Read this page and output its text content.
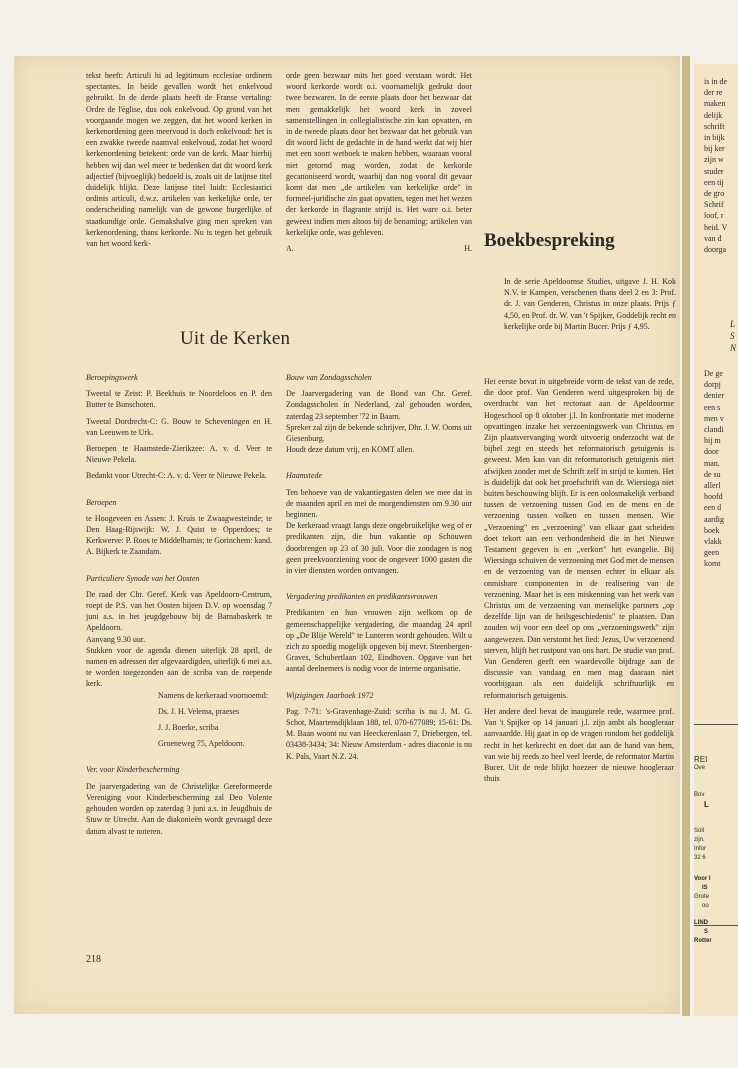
is in de

der re

maken

delijk

schrift

in bijk

bij ker

zijn w

studer

een tij

de gro

Schrif

loof, r

heid. V

van d

doorga

L
S
N

De ge

dorpj

denier

een s

men v

clandi

hij m

door

man.

de su

allerl

hoofd

een d

aardig

boek

vlakk

geen

komt

REI
Ove
Bov
L
Soll
zijn.
Infor
32 6
Voor I
IS
Grote
oo
LIND
S
Rotter

tekst heeft: Articuli hi ad legitimum ecclesiae ordinem spectantes. In beide gevallen wordt het enkelvoud gebruikt. In de derde plaats heeft de Franse vertaling: Ordre de l'église, dus ook enkelvoud. Op grond van het voorgaande mogen we zeggen, dat het woord kerken in kerkenordening geen meervoud is doch enkelvoud: het is een zwakke tweede naamval enkelvoud, zodat het woord kerkenordening betekent: orde van de kerk. Maar hierbij hebben wij dan wel meer te bedenken dat dit woord kerk adjectief (bijvoeglijk) bedoeld is, zoals uit de latijnse titel duidelijk blijkt. Deze latijnse titel luidt: Ecclesiastici ordinis articuli, d.w.z. artikelen van kerkelijke orde, ter onderscheiding namelijk van de gewone burgerlijke of staatkundige orde. Gemakshalve ging men spreken van kerkenordening, thans kerkorde. Nu is tegen het gebruik van het woord kerk-

orde geen bezwaar mits het goed verstaan wordt. Het woord kerkorde wordt o.i. voornamelijk gedrukt door twee bezwaren. In de eerste plaats door het bezwaar dat men gemakkelijk het woord kerk in zoveel samenstellingen in collegialistische zin kan opvatten, en in de tweede plaats door het bezwaar dat het gebruik van dit woord licht de gedachte in de hand werkt dat wij hier met een soort wetboek te maken hebben, waaraan vooral niet getornd mag worden, zodat de kerkorde gecanoniseerd wordt, waarbij dan nog vooral dit gevaar komt dat men „de artikelen van kerkelijke orde" in formeel-juridische zin gaat opvatten, tegen met het wezen der kerkorde in flagrante strijd is. Het ware o.i. beter geweest indien men altoos bij de benaming: artikelen van kerkelijke orde, was gebleven.

A.	H.
Uit de Kerken
Boekbespreking

Beroepingswerk

Tweetal te Zeist: P. Beekhuis te Noordeloos en P. den Butter te Bunschoten.

Tweetal Dordrecht-C: G. Bouw te Scheveningen en H. van Leeuwen te Urk.

Beroepen te Haamstede-Zierikzee: A. v. d. Veer te Nieuwe Pekela.

Bedankt voor Utrecht-C: A. v. d. Veer te Nieuwe Pekela.

Beroepen

te Hoogeveen en Assen: J. Kruis te Zwaagwesteinde; te Den Haag-Rijswijk: W. J. Quist te Opperdoes; te Kerkwerve: P. Roos te Middelharnis; te Gorinchem: kand. A. Bijkerk te Zaandam.

Particuliere Synode van het Oosten

De raad der Chr. Geref. Kerk van Apeldoorn-Centrum, roept de P.S. van het Oosten bijeen D.V. op woensdag 7 juni a.s. in het jeugdgebouw bij de Barnabaskerk te Apeldoorn.

Aanvang 9.30 uur.

Stukken voor de agenda dienen uiterlijk 28 april, de namen en adressen der afgevaardigden, uiterlijk 6 mei a.s. te worden toegezonden aan de scriba van de roepende kerk.

Namens de kerkeraad voornoemd:

Ds. J. H. Velema, praeses

J. J. Boerke, scriba

Groeneweg 75, Apeldoorn.

Ver. voor Kinderbescherming

De jaarvergadering van de Christelijke Gereformeerde Vereniging voor Kinderbescherming zal Deo Volente gehouden worden op zaterdag 3 juni a.s. in Jeugdhuis de Stuw te Utrecht. Aan de diakonieën wordt gevraagd deze datum alvast te noteren.

Bouw van Zondagsscholen

De Jaarvergadering van de Bond van Chr. Geref. Zondagsscholen in Nederland, zal gehouden worden, zaterdag 23 september '72 in Baarn.

Spreker zal zijn de bekende schrijver, Dhr. J. W. Ooms uit Giesenburg.

Houdt deze datum vrij, en KOMT allen.

Haamstede

Ten behoeve van de vakantiegasten delen we mee dat in de maanden april en mei de morgendiensten om 9.30 uur beginnen.

De kerkeraad vraagt langs deze ongebruikelijke weg of er predikanten zijn, die hun vakantie op Schouwen doorbrengen op 23 of 30 juli. Voor die zondagen is nog geen preekvoorziening voor de ongeveer 1000 gasten die in vier diensten worden ontvangen.

Vergadering predikanten en predikantsvrouwen

Predikanten en hun vrouwen zijn welkom op de gemeenschappelijke vergadering, die maandag 24 april op „De Blije Wereld" te Lunteren wordt gehouden. Wilt u zich zo spoedig mogelijk opgeven bij mevr. Steenbergen-Graves, Schubertlaan 102, Eindhoven. Opgave van het aantal deelnemers is nodig voor de interne organisatie.

Wijzigingen Jaarboek 1972

Pag. 7-71: 's-Gravenhage-Zuid: scriba is nu J. M. G. Schot, Maartensdijklaan 188, tel. 070-677089; 15-61: Ds. M. Baan woont nu van Heeckerenlaan 7, Driebergen, tel. 03438-3434; 34: Nieuw Amsterdam - adres diaconie is nu K. Pals, Vaart N.Z. 24.

In de serie Apeldoornse Studies, uitgave J. H. Kok N.V. te Kampen, verschenen thans deel 2 en 3: Prof. dr. J. van Genderen, Christus in onze plaats. Prijs ƒ 4,50, en Prof. dr. W. van 't Spijker, Goddelijk recht en kerkelijke orde bij Martin Bucer. Prijs ƒ 4,95.

Het eerste bevat in uitgebreide vorm de tekst van de rede, die door prof. Van Genderen werd uitgesproken bij de overdracht van het rectoraat aan de Apeldoornse Hogeschool op 8 oktober j.l. In konfrontatie met moderne opvattingen inzake het verzoeningswerk van Christus en Zijn plaatsvervanging wordt uitvoerig onderzocht wat de bijbel zegt en steeds het reformatorisch getuigenis is geweest. Men kan van dit reformatorisch getuigenis niet afwijken zonder met de Schrift zelf in strijd te komen. Het is duidelijk dat ook het proefschrift van dr. Wiersinga niet buiten beschouwing blijft. Er is een onlosmakelijk verband tussen de verzoening tussen God en de mens en de verzoening tussen volken en tussen mensen. Wie „Verzoening" en „verzoening" van elkaar gaat scheiden doet tekort aan een verbondenheid die in het Nieuwe Testament gegeven is en „verkort" het evangelie. Bij Wiersinga schuiven de verzoening met God met de mensen en de verzoening van de mensen echter in elkaar als onmisbare componenten in de realisering van de verzoening. Maar het is een miskenning van het werk van Christus om de verzoening van menselijke partners „op dezelfde lijn van de heilsgeschiedenis" te plaatsen. Dan zouden wij voor een deel op ons „verzoeningswerk" zijn aangewezen. Dan verstomt het lied: Jezus, Uw verzoenend sterven, blijft het rustpunt van ons hart. De studie van prof. Van Genderen geeft een waardevolle bijdrage aan de discussie van vandaag en men mag daaraan niet voorbijgaan als een duidelijk schriftuurlijk en reformatorisch getuigenis.

Het andere deel bevat de inaugurele rede, waarmee prof. Van 't Spijker op 14 januari j.l. zijn ambt als hoogleraar aanvaardde. Hij gaat in op de vragen rondom het goddelijk recht in het kerkrecht en doet dat aan de hand van hem, van wie hij reeds zo heel veel leerde, de reformator Martin Bucer. Uit de rede blijkt hoezeer de nieuwe hoogleraar thuis

218
